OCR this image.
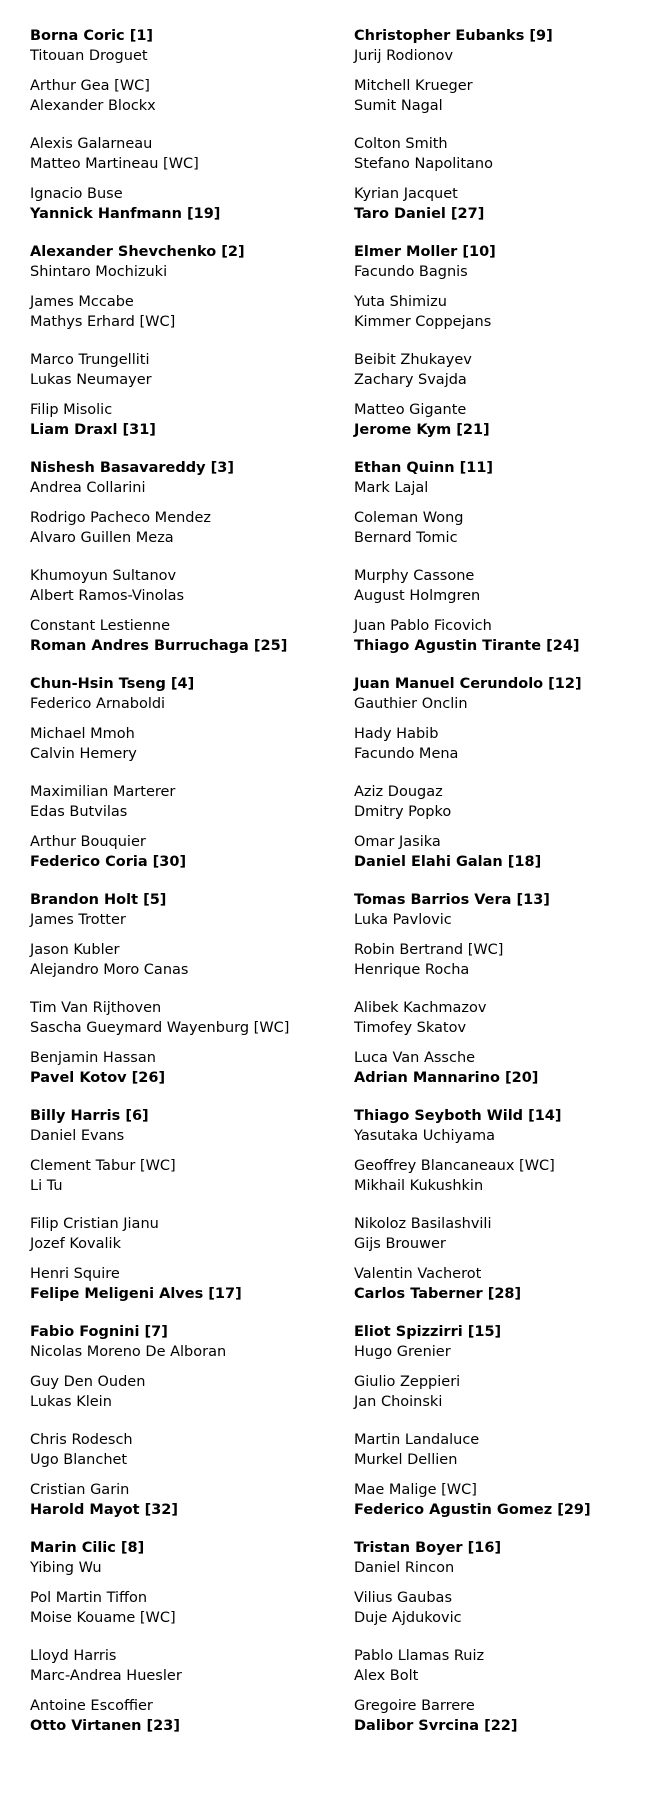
Borna Coric [1]
Titouan Droguet
Arthur Gea [WC]
Alexander Blockx
Alexis Galarneau
Matteo Martineau [WC]
Ignacio Buse
Yannick Hanfmann [19]
Alexander Shevchenko [2]
Shintaro Mochizuki
James Mccabe
Mathys Erhard [WC]
Marco Trungelliti
Lukas Neumayer
Filip Misolic
Liam Draxl [31]
Nishesh Basavareddy [3]
Andrea Collarini
Rodrigo Pacheco Mendez
Alvaro Guillen Meza
Khumoyun Sultanov
Albert Ramos-Vinolas
Constant Lestienne
Roman Andres Burruchaga [25]
Chun-Hsin Tseng [4]
Federico Arnaboldi
Michael Mmoh
Calvin Hemery
Maximilian Marterer
Edas Butvilas
Arthur Bouquier
Federico Coria [30]
Brandon Holt [5]
James Trotter
Jason Kubler
Alejandro Moro Canas
Tim Van Rijthoven
Sascha Gueymard Wayenburg [WC]
Benjamin Hassan
Pavel Kotov [26]
Billy Harris [6]
Daniel Evans
Clement Tabur [WC]
Li Tu
Filip Cristian Jianu
Jozef Kovalik
Henri Squire
Felipe Meligeni Alves [17]
Fabio Fognini [7]
Nicolas Moreno De Alboran
Guy Den Ouden
Lukas Klein
Chris Rodesch
Ugo Blanchet
Cristian Garin
Harold Mayot [32]
Marin Cilic [8]
Yibing Wu
Pol Martin Tiffon
Moise Kouame [WC]
Lloyd Harris
Marc-Andrea Huesler
Antoine Escoffier
Otto Virtanen [23]
Christopher Eubanks [9]
Jurij Rodionov
Mitchell Krueger
Sumit Nagal
Colton Smith
Stefano Napolitano
Kyrian Jacquet
Taro Daniel [27]
Elmer Moller [10]
Facundo Bagnis
Yuta Shimizu
Kimmer Coppejans
Beibit Zhukayev
Zachary Svajda
Matteo Gigante
Jerome Kym [21]
Ethan Quinn [11]
Mark Lajal
Coleman Wong
Bernard Tomic
Murphy Cassone
August Holmgren
Juan Pablo Ficovich
Thiago Agustin Tirante [24]
Juan Manuel Cerundolo [12]
Gauthier Onclin
Hady Habib
Facundo Mena
Aziz Dougaz
Dmitry Popko
Omar Jasika
Daniel Elahi Galan [18]
Tomas Barrios Vera [13]
Luka Pavlovic
Robin Bertrand [WC]
Henrique Rocha
Alibek Kachmazov
Timofey Skatov
Luca Van Assche
Adrian Mannarino [20]
Thiago Seyboth Wild [14]
Yasutaka Uchiyama
Geoffrey Blancaneaux [WC]
Mikhail Kukushkin
Nikoloz Basilashvili
Gijs Brouwer
Valentin Vacherot
Carlos Taberner [28]
Eliot Spizzirri [15]
Hugo Grenier
Giulio Zeppieri
Jan Choinski
Martin Landaluce
Murkel Dellien
Mae Malige [WC]
Federico Agustin Gomez [29]
Tristan Boyer [16]
Daniel Rincon
Vilius Gaubas
Duje Ajdukovic
Pablo Llamas Ruiz
Alex Bolt
Gregoire Barrere
Dalibor Svrcina [22]
